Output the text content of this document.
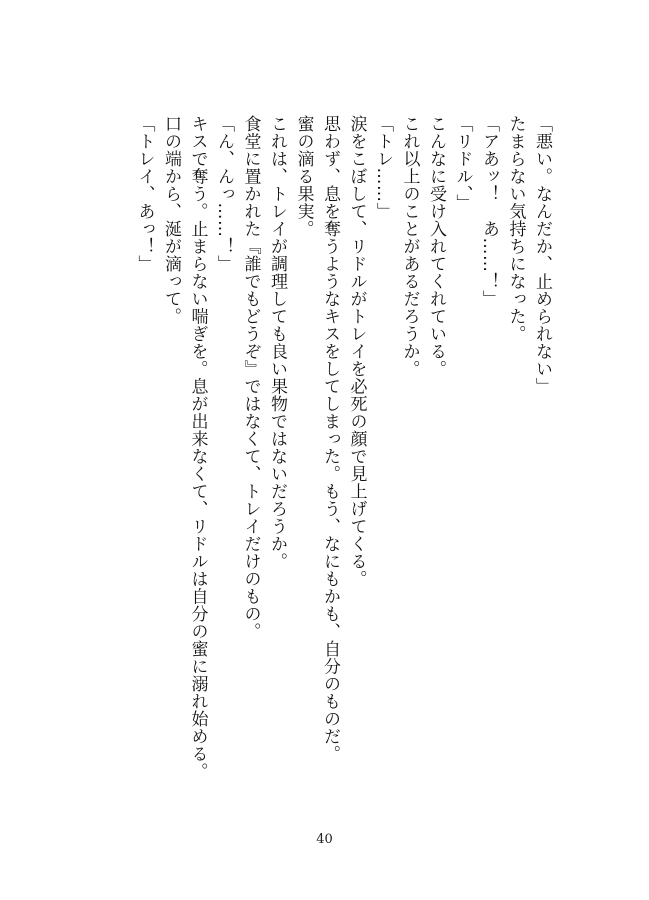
「悪い。なんだか、止められない」

たまらない気持ちになった。

「アあッ！　あ……！」

「リドル、」

こんなに受け入れてくれている。

これ以上のことがあるだろうか。

「トレ……」

涙をこぼして、リドルがトレイを必死の顔で見上げてくる。

思わず、息を奪うようなキスをしてしまった。もう、なにもかも、自分のものだ。

蜜の滴る果実。

これは、トレイが調理しても良い果物ではないだろうか。

食堂に置かれた『誰でもどうぞ』ではなくて、トレイだけのもの。

「ん、んっ……！」

キスで奪う。止まらない喘ぎを。息が出来なくて、リドルは自分の蜜に溺れ始める。

口の端から、涎が滴って。

「トレイ、あっ！」

40
